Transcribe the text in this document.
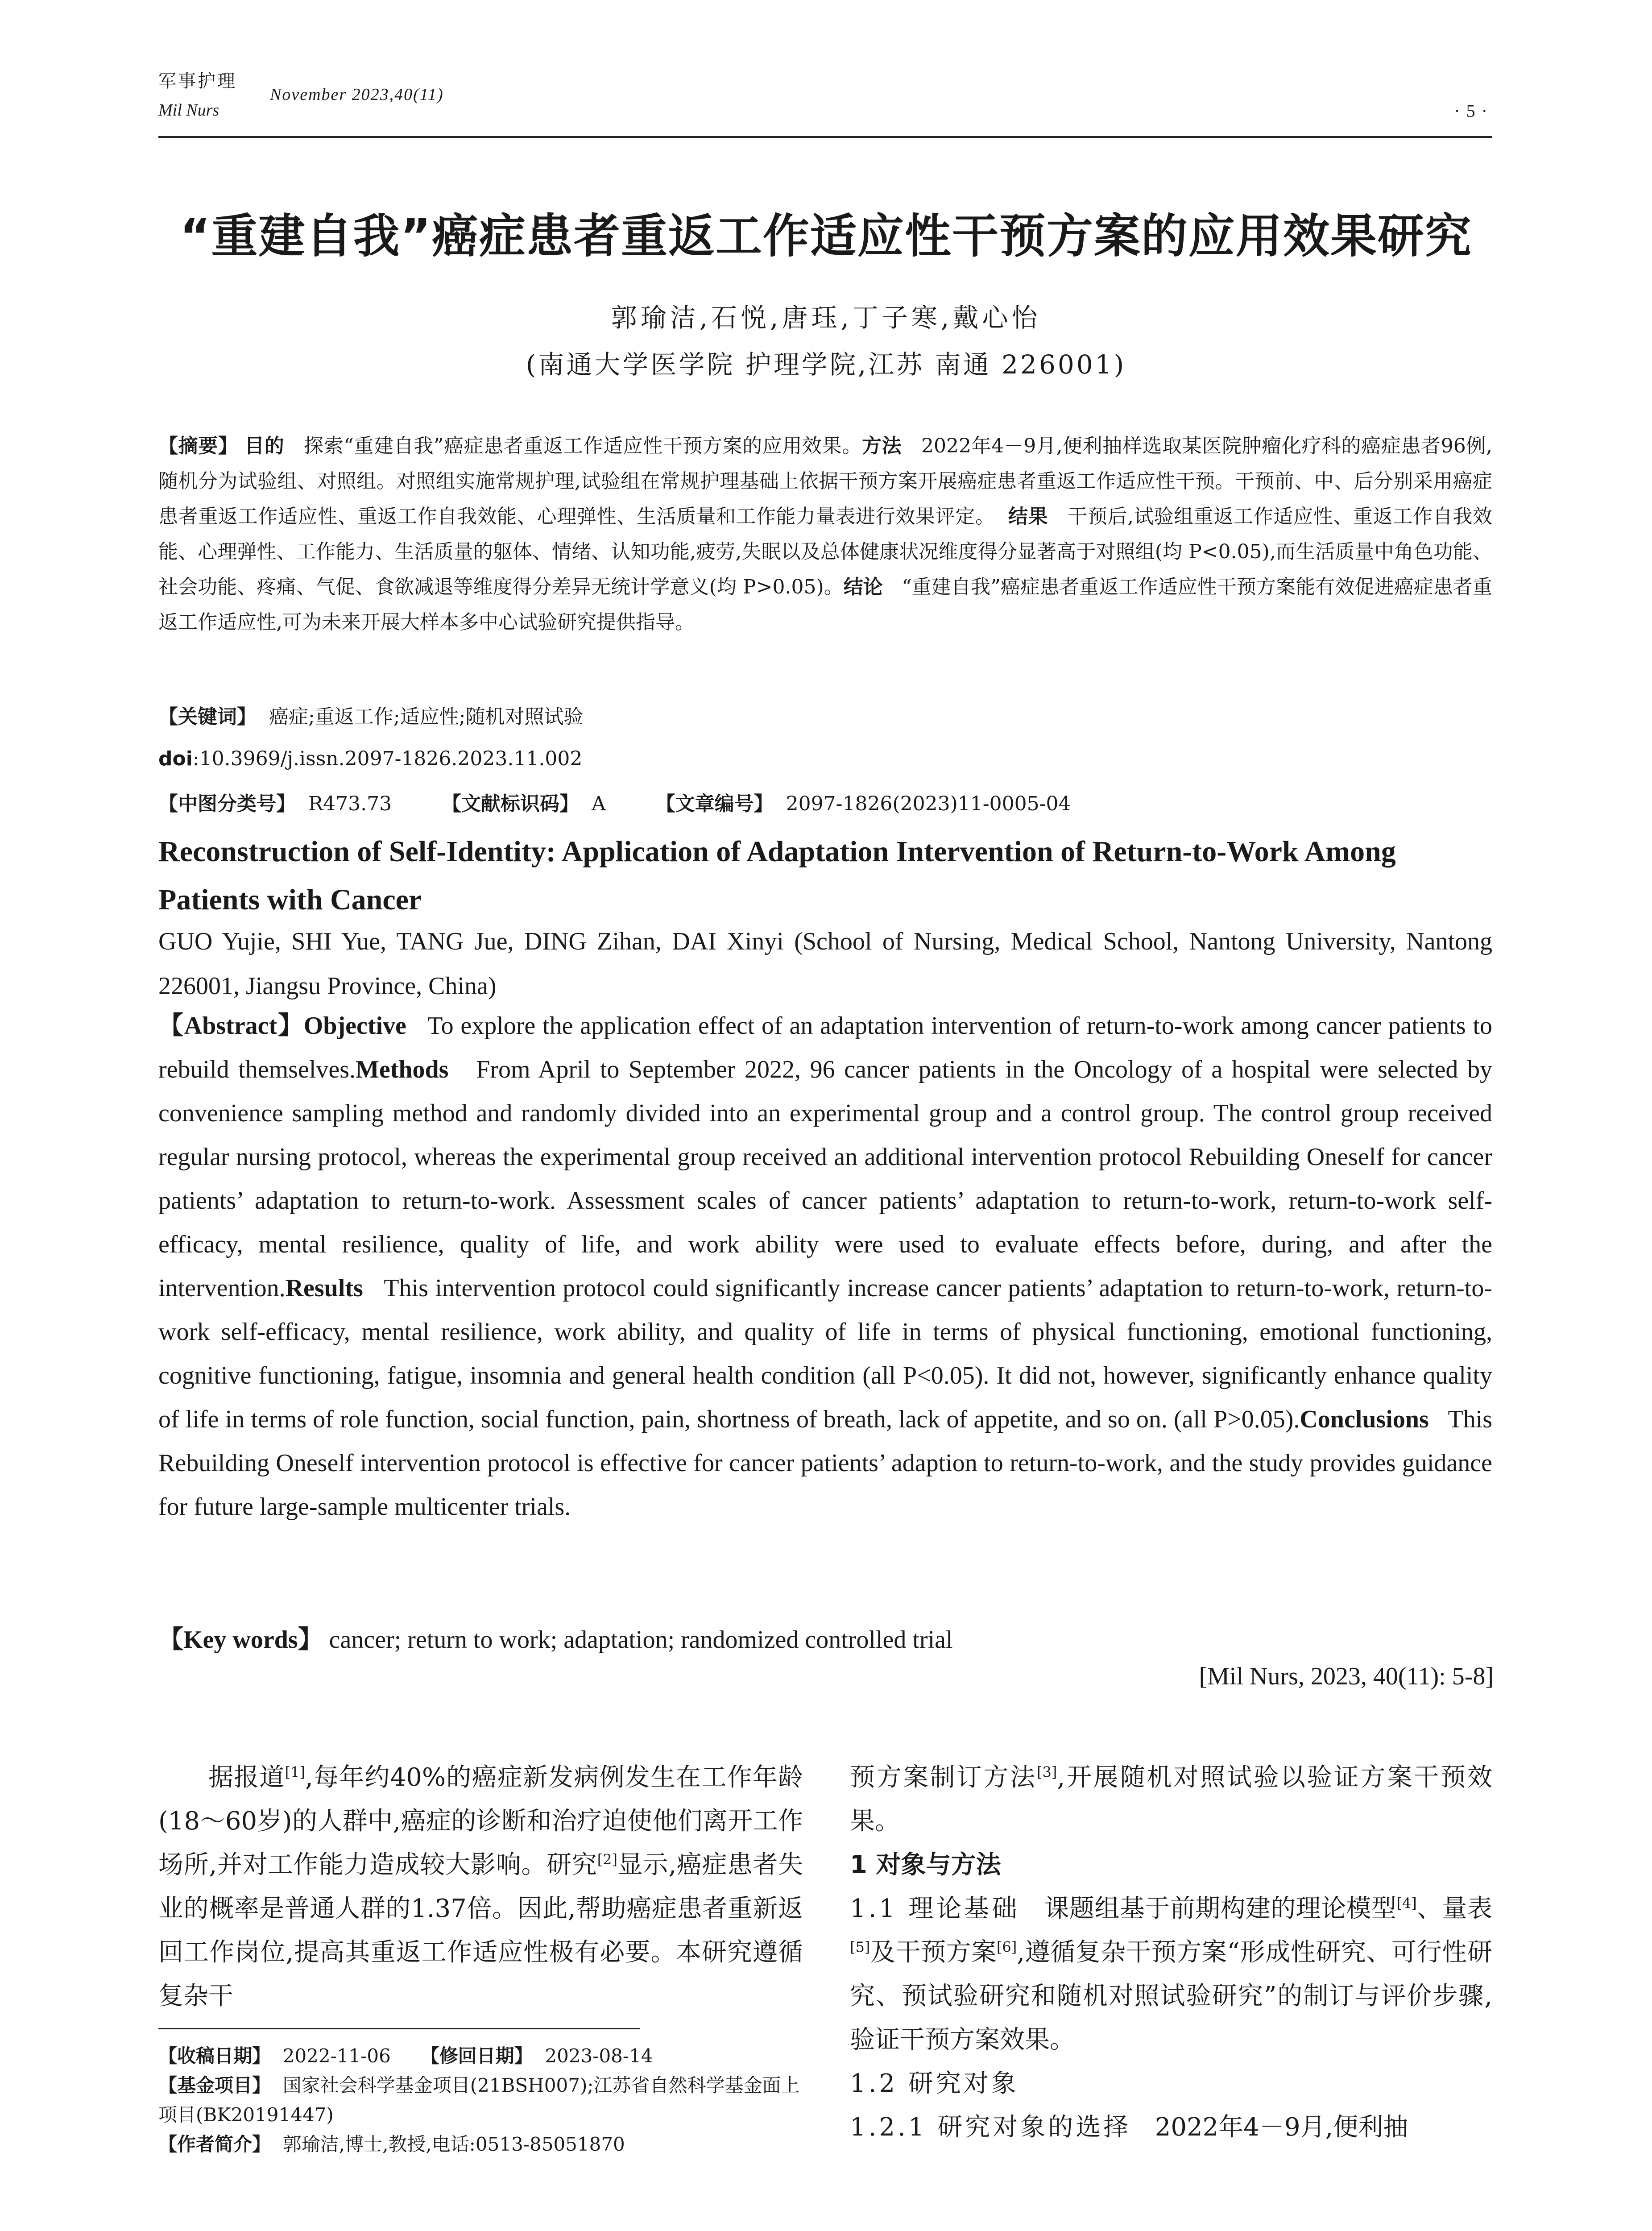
军事护理
Mil Nurs
November 2023,40(11)
·5·
“重建自我”癌症患者重返工作适应性干预方案的应用效果研究
郭瑜洁,石悦,唐珏,丁子寒,戴心怡
(南通大学医学院 护理学院,江苏 南通 226001)
【摘要】 目的 探索“重建自我”癌症患者重返工作适应性干预方案的应用效果。方法 2022年4－9月,便利抽样选取某医院肿瘤化疗科的癌症患者96例,随机分为试验组、对照组。对照组实施常规护理,试验组在常规护理基础上依据干预方案开展癌症患者重返工作适应性干预。干预前、中、后分别采用癌症患者重返工作适应性、重返工作自我效能、心理弹性、生活质量和工作能力量表进行效果评定。 结果 干预后,试验组重返工作适应性、重返工作自我效能、心理弹性、工作能力、生活质量的躯体、情绪、认知功能,疲劳,失眠以及总体健康状况维度得分显著高于对照组(均 P<0.05),而生活质量中角色功能、社会功能、疼痛、气促、食欲减退等维度得分差异无统计学意义(均 P>0.05)。结论 “重建自我”癌症患者重返工作适应性干预方案能有效促进癌症患者重返工作适应性,可为未来开展大样本多中心试验研究提供指导。
【关键词】 癌症;重返工作;适应性;随机对照试验
doi:10.3969/j.issn.2097-1826.2023.11.002
【中图分类号】 R473.73	【文献标识码】 A	【文章编号】 2097-1826(2023)11-0005-04
Reconstruction of Self-Identity: Application of Adaptation Intervention of Return-to-Work Among Patients with Cancer
GUO Yujie, SHI Yue, TANG Jue, DING Zihan, DAI Xinyi (School of Nursing, Medical School, Nantong University, Nantong 226001, Jiangsu Province, China)
【Abstract】Objective To explore the application effect of an adaptation intervention of return-to-work among cancer patients to rebuild themselves.Methods From April to September 2022, 96 cancer patients in the Oncology of a hospital were selected by convenience sampling method and randomly divided into an experimental group and a control group. The control group received regular nursing protocol, whereas the experimental group received an additional intervention protocol Rebuilding Oneself for cancer patients’ adaptation to return-to-work. Assessment scales of cancer patients’ adaptation to return-to-work, return-to-work self-efficacy, mental resilience, quality of life, and work ability were used to evaluate effects before, during, and after the intervention.Results This intervention protocol could significantly increase cancer patients’ adaptation to return-to-work, return-to-work self-efficacy, mental resilience, work ability, and quality of life in terms of physical functioning, emotional functioning, cognitive functioning, fatigue, insomnia and general health condition (all P<0.05). It did not, however, significantly enhance quality of life in terms of role function, social function, pain, shortness of breath, lack of appetite, and so on. (all P>0.05).Conclusions This Rebuilding Oneself intervention protocol is effective for cancer patients’ adaption to return-to-work, and the study provides guidance for future large-sample multicenter trials.
【Key words】 cancer; return to work; adaptation; randomized controlled trial
[Mil Nurs, 2023, 40(11): 5-8]
据报道[1],每年约40%的癌症新发病例发生在工作年龄(18～60岁)的人群中,癌症的诊断和治疗迫使他们离开工作场所,并对工作能力造成较大影响。研究[2]显示,癌症患者失业的概率是普通人群的1.37倍。因此,帮助癌症患者重新返回工作岗位,提高其重返工作适应性极有必要。本研究遵循复杂干
预方案制订方法[3],开展随机对照试验以验证方案干预效果。
1 对象与方法
1.1 理论基础 课题组基于前期构建的理论模型[4]、量表[5]及干预方案[6],遵循复杂干预方案“形成性研究、可行性研究、预试验研究和随机对照试验研究”的制订与评价步骤,验证干预方案效果。
1.2 研究对象
1.2.1 研究对象的选择 2022年4－9月,便利抽
【收稿日期】 2022-11-06 【修回日期】 2023-08-14
【基金项目】 国家社会科学基金项目(21BSH007);江苏省自然科学基金面上项目(BK20191447)
【作者简介】 郭瑜洁,博士,教授,电话:0513-85051870
